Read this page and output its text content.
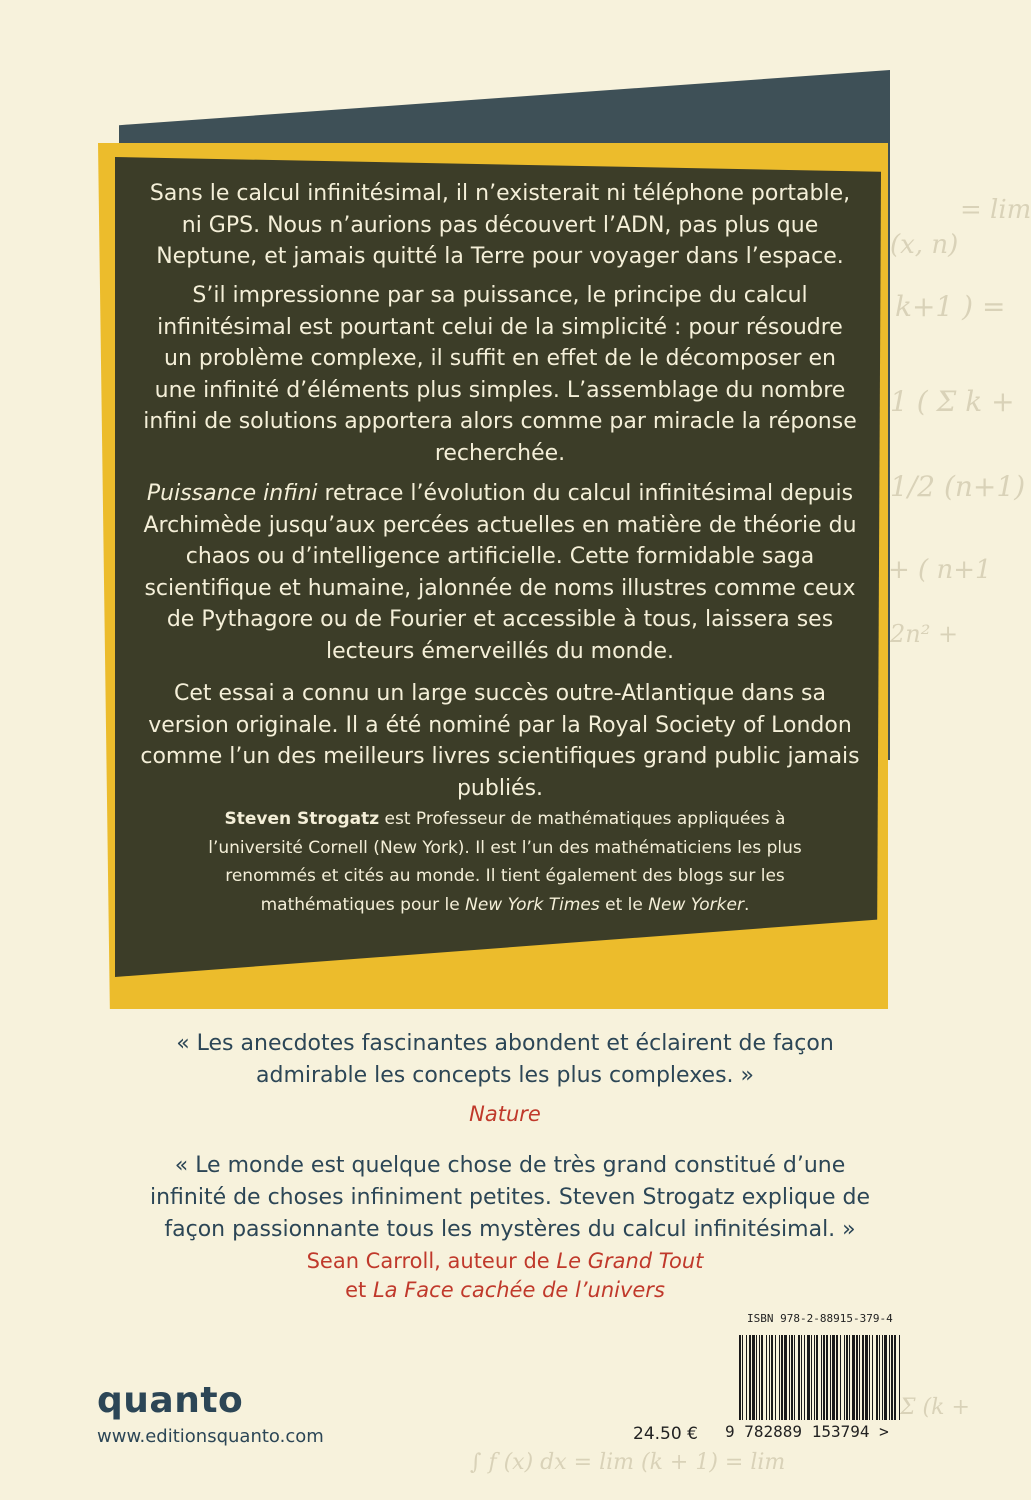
= lim
(x, n)
k+1 ) =
1 ( Σ k +
1/2 (n+1)
+ ( n+1
2n² +
∫ f (x) dx = lim (k + 1) = lim
Σ (k +

Sans le calcul infinitésimal, il n’existerait ni téléphone portable, ni GPS. Nous n’aurions pas découvert l’ADN, pas plus que Neptune, et jamais quitté la Terre pour voyager dans l’espace.

S’il impressionne par sa puissance, le principe du calcul infinitésimal est pourtant celui de la simplicité : pour résoudre un problème complexe, il suffit en effet de le décomposer en une infinité d’éléments plus simples. L’assemblage du nombre infini de solutions apportera alors comme par miracle la réponse recherchée.

Puissance infini retrace l’évolution du calcul infinitésimal depuis Archimède jusqu’aux percées actuelles en matière de théorie du chaos ou d’intelligence artificielle. Cette formidable saga scientifique et humaine, jalonnée de noms illustres comme ceux de Pythagore ou de Fourier et accessible à tous, laissera ses lecteurs émerveillés du monde.

Cet essai a connu un large succès outre-Atlantique dans sa version originale. Il a été nominé par la Royal Society of London comme l’un des meilleurs livres scientifiques grand public jamais publiés.

Steven Strogatz est Professeur de mathématiques appliquées à l’université Cornell (New York). Il est l’un des mathématiciens les plus renommés et cités au monde. Il tient également des blogs sur les mathématiques pour le New York Times et le New Yorker.

« Les anecdotes fascinantes abondent et éclairent de façon admirable les concepts les plus complexes. »

Nature

« Le monde est quelque chose de très grand constitué d’une infinité de choses infiniment petites. Steven Strogatz explique de façon passionnante tous les mystères du calcul infinitésimal. »

Sean Carroll, auteur de Le Grand Tout
et La Face cachée de l’univers

quanto
www.editionsquanto.com	24.50 €
ISBN 978-2-88915-379-4
9 782889 153794 >
